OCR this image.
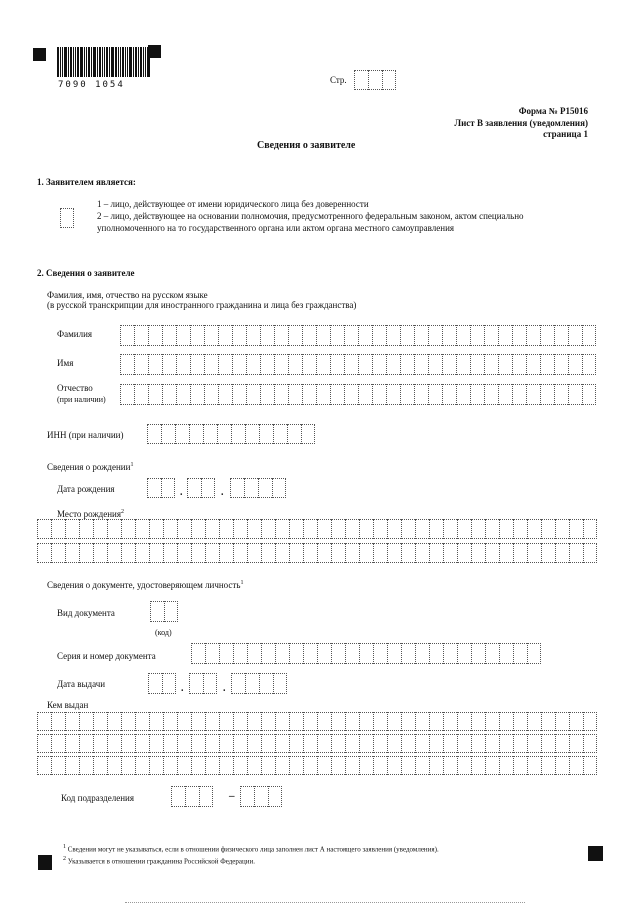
7090 1054	Стр.
Форма № Р15016
Лист В заявления (уведомления)
страница 1
Сведения о заявителе
1. Заявителем является:
1 – лицо, действующее от имени юридического лица без доверенности
2 – лицо, действующее на основании полномочия, предусмотренного федеральным законом, актом специально
уполномоченного на то государственного органа или актом органа местного самоуправления
2. Сведения о заявителе
Фамилия, имя, отчество на русском языке
(в русской транскрипции для иностранного гражданина и лица без гражданства)
Фамилия
Имя
Отчество
(при наличии)
ИНН (при наличии)
Сведения о рождении$^1$
Дата рождения	.	.
Место рождения$^2$
Сведения о документе, удостоверяющем личность$^1$
Вид документа
(код)
Серия и номер документа
Дата выдачи	.	.
Кем выдан
Код подразделения	–
$^1$ Сведения могут не указываться, если в отношении физического лица заполнен лист А настоящего заявления (уведомления).
$^2$ Указывается в отношении гражданина Российской Федерации.
